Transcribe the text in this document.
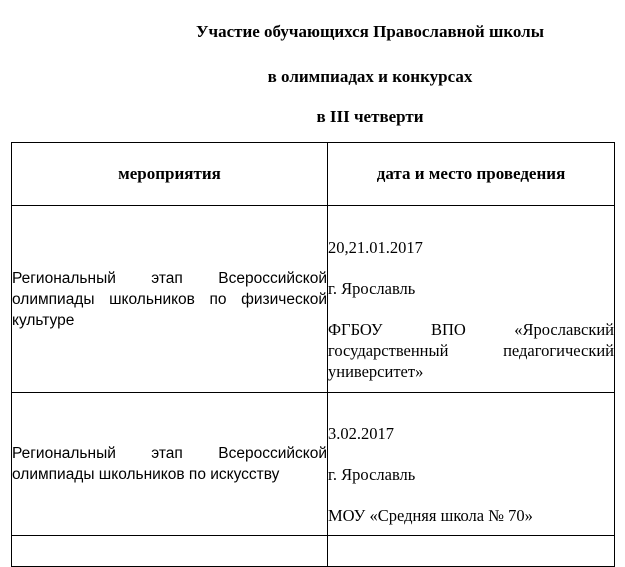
Участие обучающихся Православной школы
в олимпиадах и конкурсах
в III четверти
мероприятия	дата и место проведения
Региональный этап Всероссийской олимпиады школьников по физической культуре	20,21.01.2017

г. Ярославль

ФГБОУ ВПО «Ярославский государственный педагогический университет»

Региональный этап Всероссийской олимпиады школьников по искусству	3.02.2017

г. Ярославль

МОУ «Средняя школа № 70»
